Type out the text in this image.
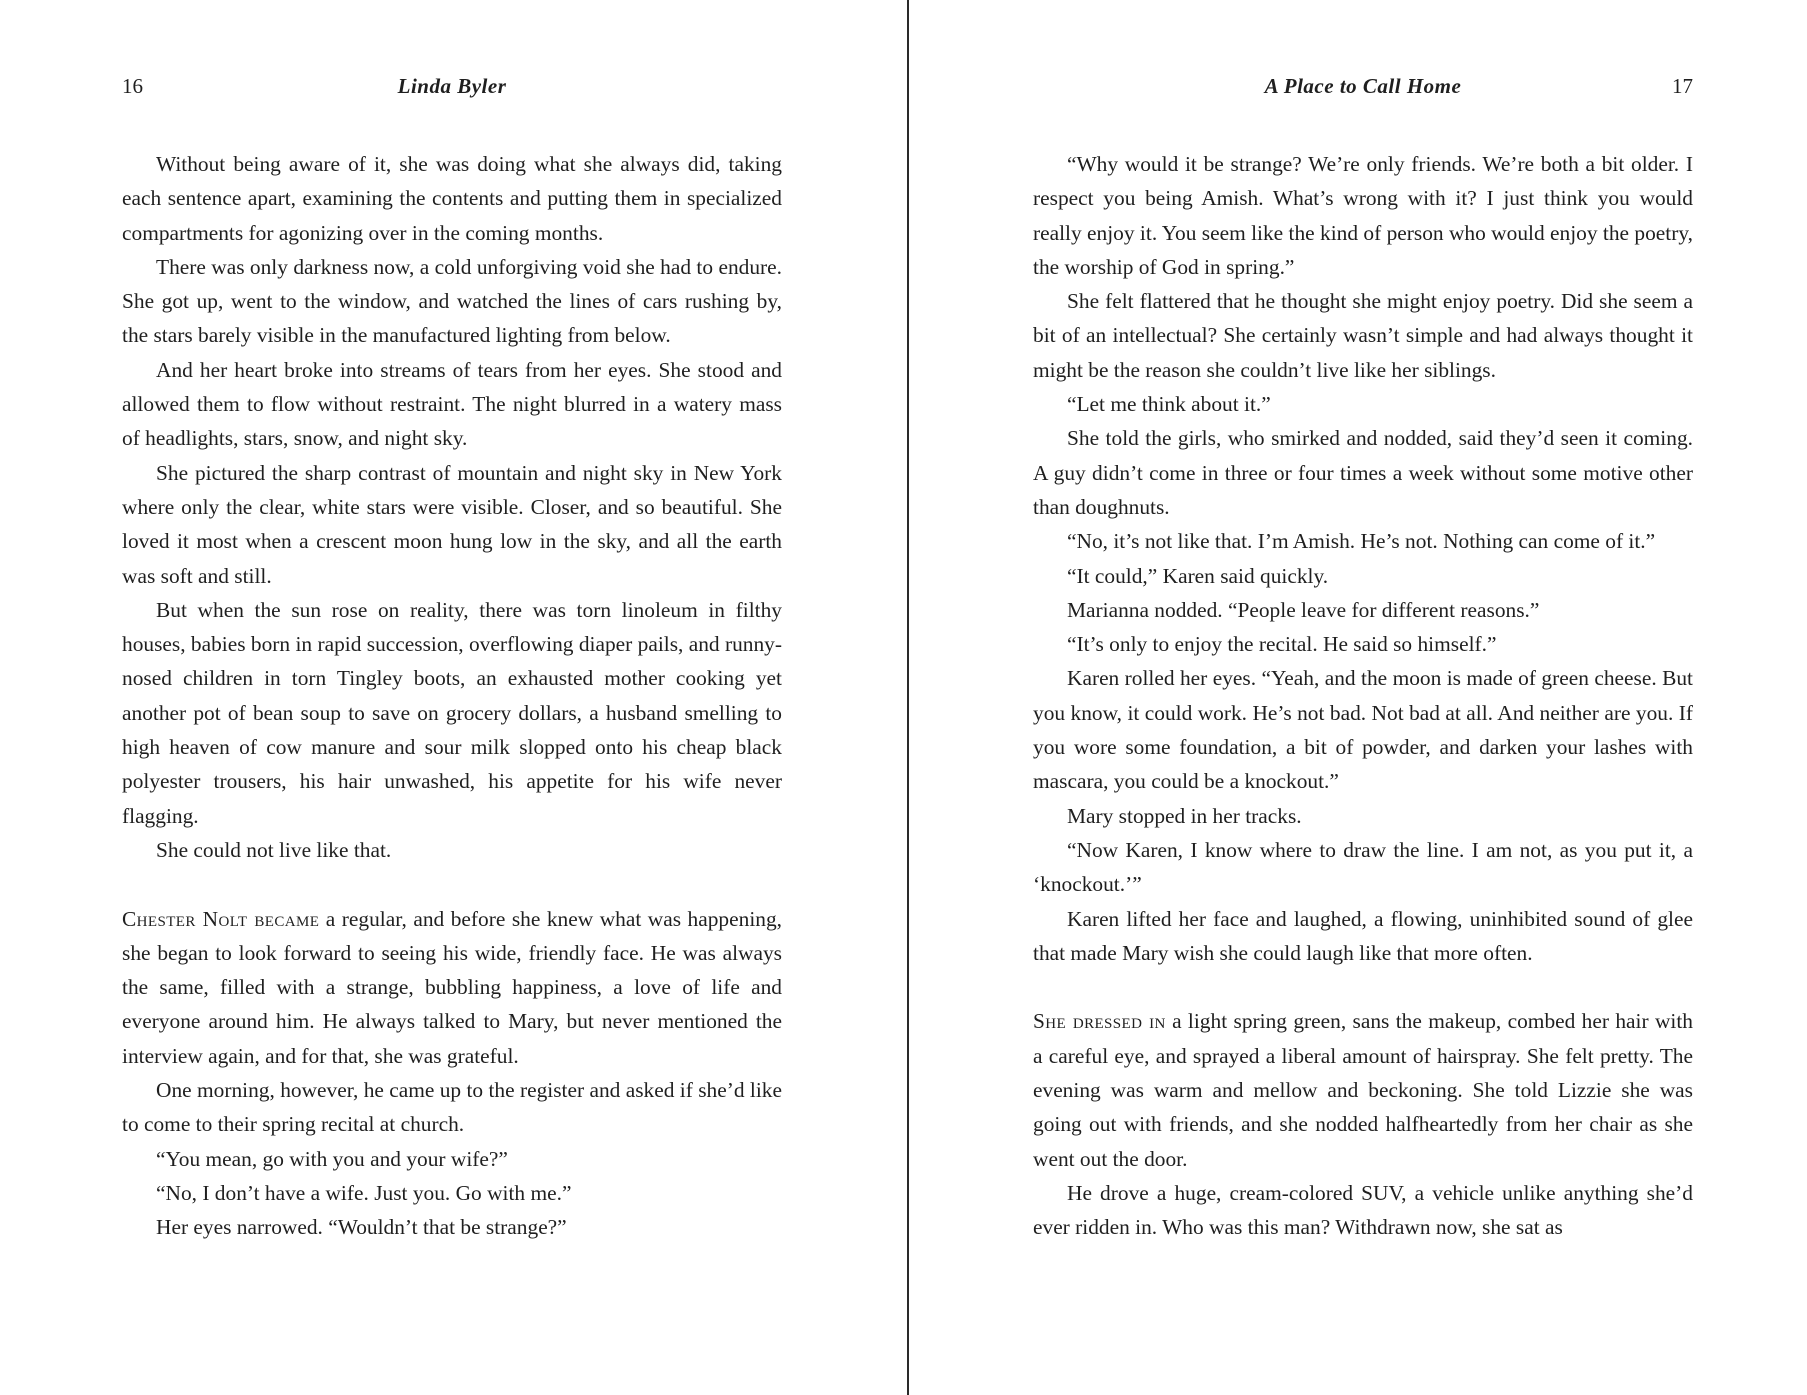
16	Linda Byler

Without being aware of it, she was doing what she always did, taking each sentence apart, examining the contents and putting them in specialized compartments for agonizing over in the coming months.

There was only darkness now, a cold unforgiving void she had to endure. She got up, went to the window, and watched the lines of cars rushing by, the stars barely visible in the manufactured lighting from below.

And her heart broke into streams of tears from her eyes. She stood and allowed them to flow without restraint. The night blurred in a watery mass of headlights, stars, snow, and night sky.

She pictured the sharp contrast of mountain and night sky in New York where only the clear, white stars were visible. Closer, and so beautiful. She loved it most when a crescent moon hung low in the sky, and all the earth was soft and still.

But when the sun rose on reality, there was torn linoleum in filthy houses, babies born in rapid succession, overflowing diaper pails, and runny-nosed children in torn Tingley boots, an exhausted mother cooking yet another pot of bean soup to save on grocery dollars, a husband smelling to high heaven of cow manure and sour milk slopped onto his cheap black polyester trousers, his hair unwashed, his appetite for his wife never flagging.

She could not live like that.

Chester Nolt became a regular, and before she knew what was happening, she began to look forward to seeing his wide, friendly face. He was always the same, filled with a strange, bubbling happiness, a love of life and everyone around him. He always talked to Mary, but never mentioned the interview again, and for that, she was grateful.

One morning, however, he came up to the register and asked if she’d like to come to their spring recital at church.

“You mean, go with you and your wife?”

“No, I don’t have a wife. Just you. Go with me.”

Her eyes narrowed. “Wouldn’t that be strange?”

A Place to Call Home	17

“Why would it be strange? We’re only friends. We’re both a bit older. I respect you being Amish. What’s wrong with it? I just think you would really enjoy it. You seem like the kind of person who would enjoy the poetry, the worship of God in spring.”

She felt flattered that he thought she might enjoy poetry. Did she seem a bit of an intellectual? She certainly wasn’t simple and had always thought it might be the reason she couldn’t live like her siblings.

“Let me think about it.”

She told the girls, who smirked and nodded, said they’d seen it coming. A guy didn’t come in three or four times a week without some motive other than doughnuts.

“No, it’s not like that. I’m Amish. He’s not. Nothing can come of it.”

“It could,” Karen said quickly.

Marianna nodded. “People leave for different reasons.”

“It’s only to enjoy the recital. He said so himself.”

Karen rolled her eyes. “Yeah, and the moon is made of green cheese. But you know, it could work. He’s not bad. Not bad at all. And neither are you. If you wore some foundation, a bit of powder, and darken your lashes with mascara, you could be a knockout.”

Mary stopped in her tracks.

“Now Karen, I know where to draw the line. I am not, as you put it, a ‘knockout.’”

Karen lifted her face and laughed, a flowing, uninhibited sound of glee that made Mary wish she could laugh like that more often.

She dressed in a light spring green, sans the makeup, combed her hair with a careful eye, and sprayed a liberal amount of hairspray. She felt pretty. The evening was warm and mellow and beckoning. She told Lizzie she was going out with friends, and she nodded halfheartedly from her chair as she went out the door.

He drove a huge, cream-colored SUV, a vehicle unlike anything she’d ever ridden in. Who was this man? Withdrawn now, she sat as
